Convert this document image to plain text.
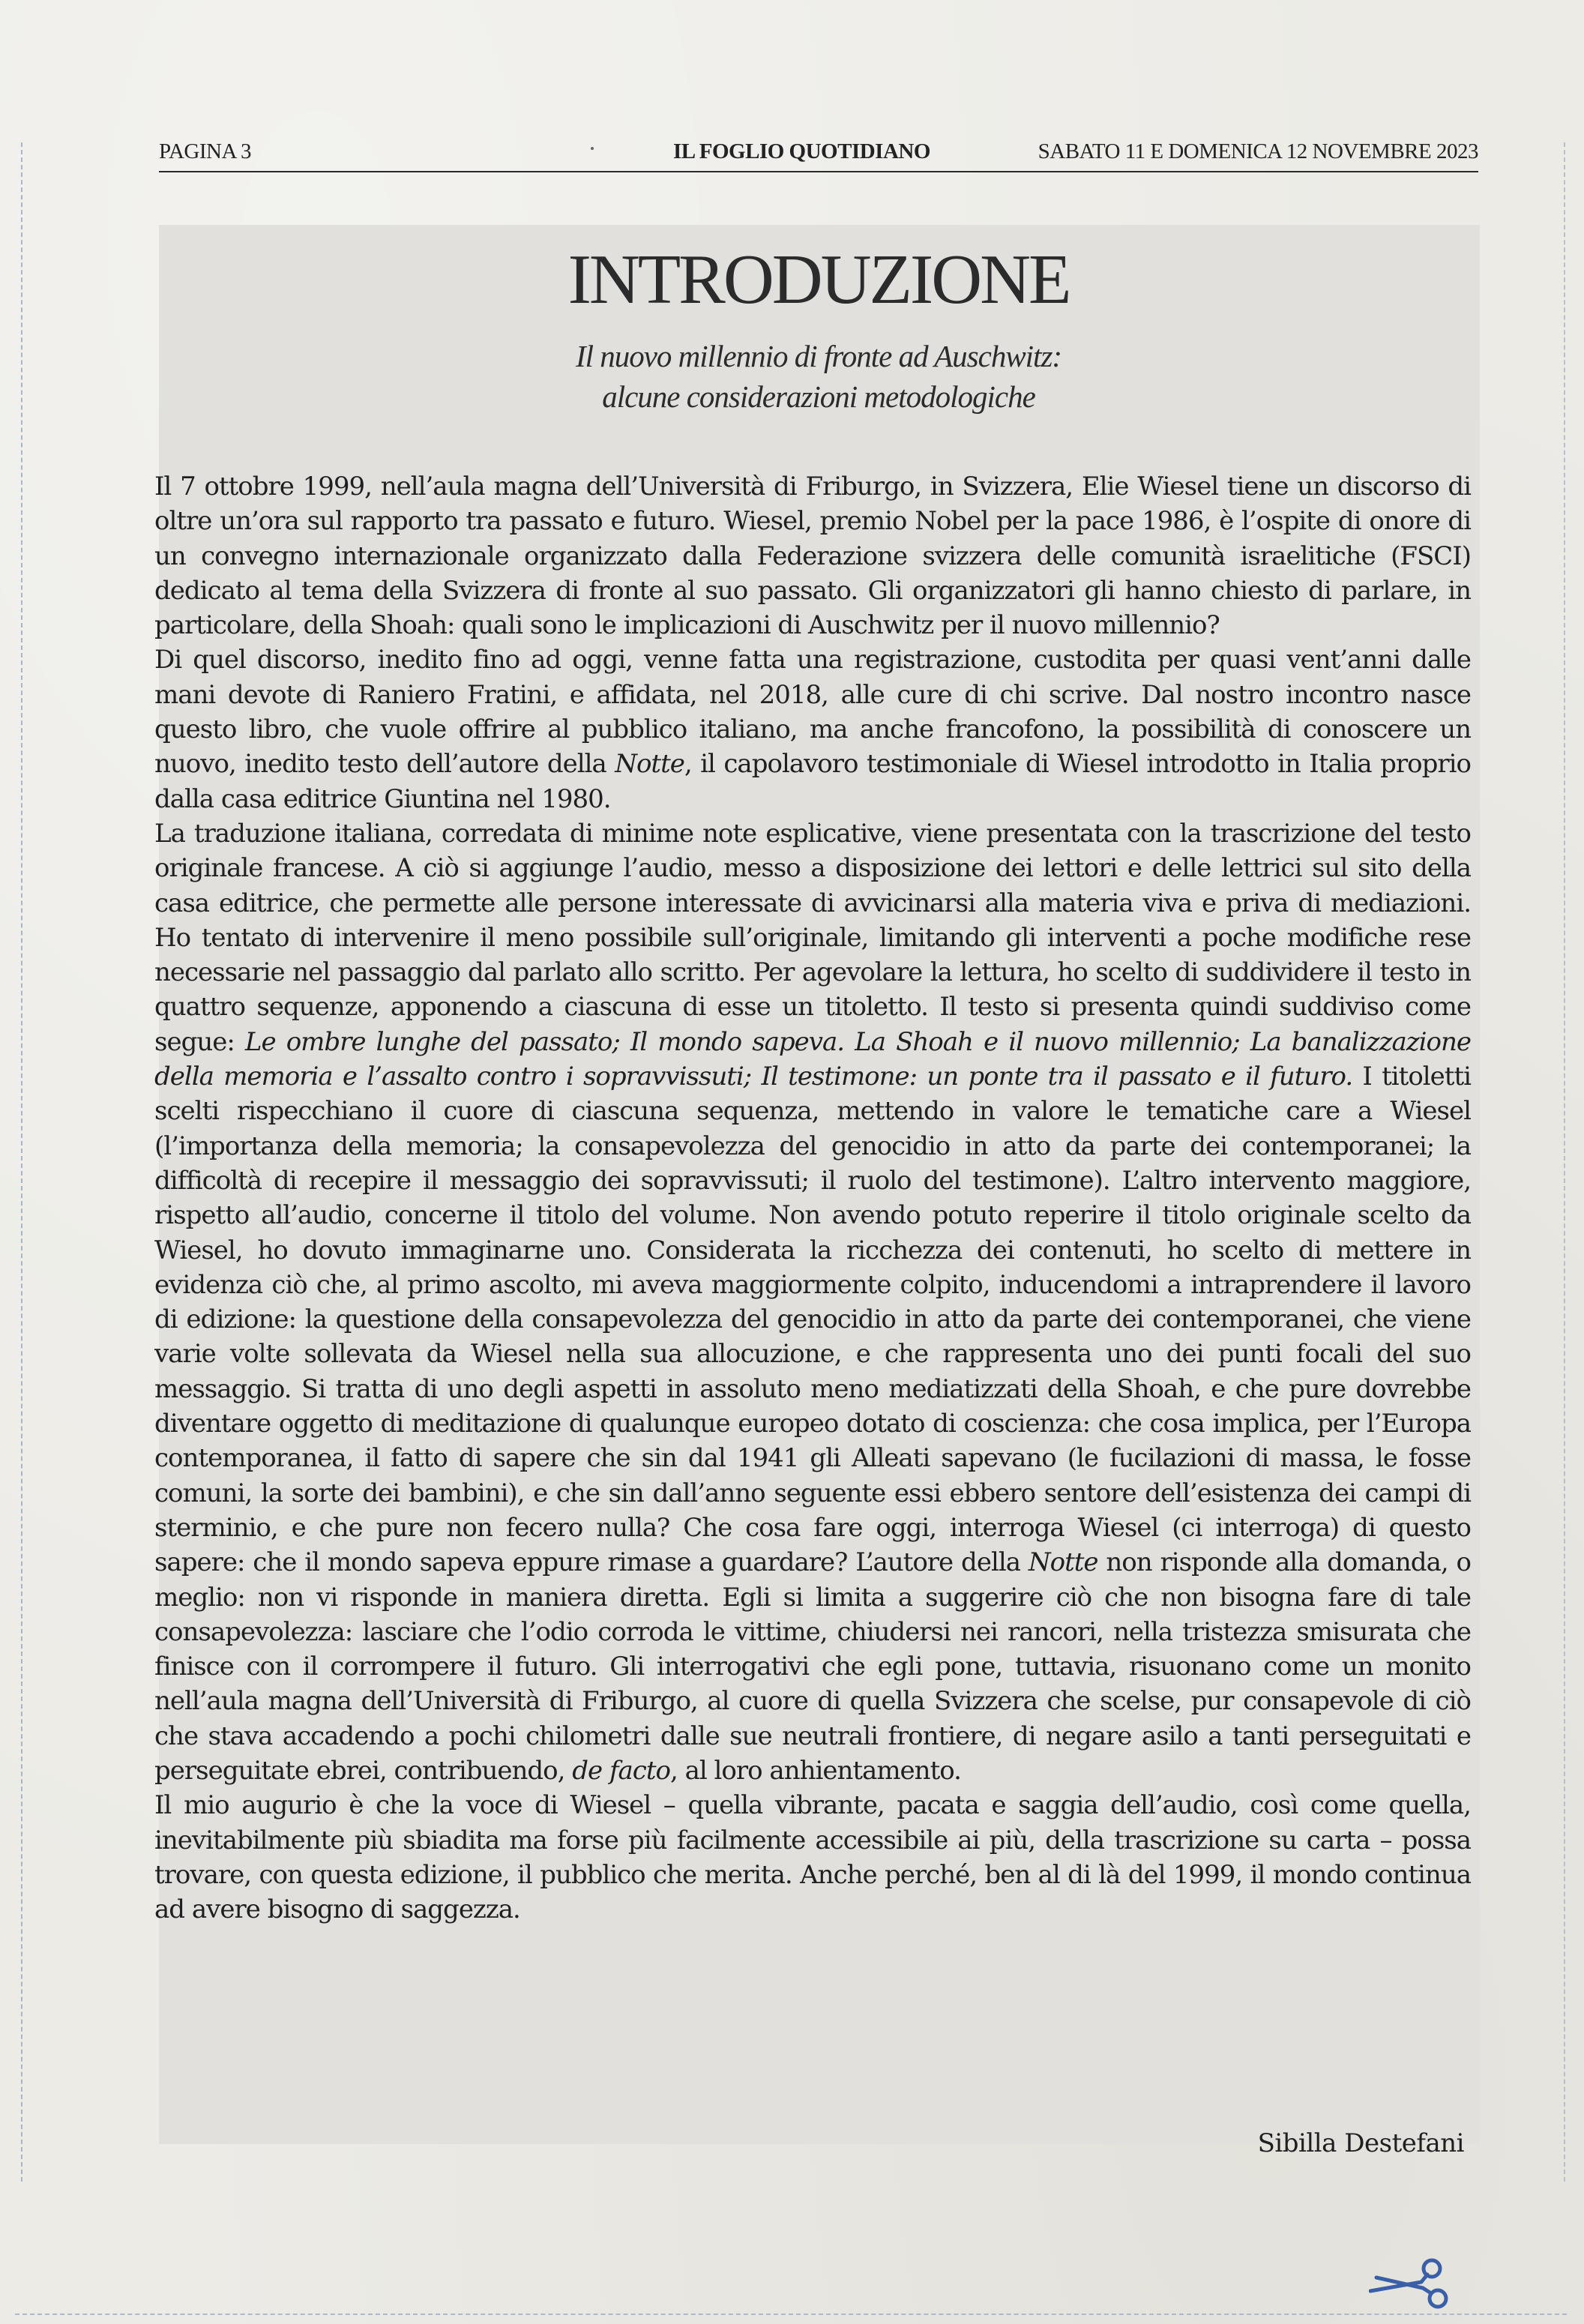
PAGINA 3	IL FOGLIO QUOTIDIANO	SABATO 11 E DOMENICA 12 NOVEMBRE 2023
INTRODUZIONE
Il nuovo millennio di fronte ad Auschwitz:
alcune considerazioni metodologiche

Il 7 ottobre 1999, nell’aula magna dell’Università di Friburgo, in Svizzera, Elie Wiesel tiene un discorso di oltre un’ora sul rapporto tra passato e futuro. Wiesel, premio Nobel per la pace 1986, è l’ospite di onore di un convegno internazionale organizzato dalla Federazione svizzera delle comunità israelitiche (FSCI) dedicato al tema della Svizzera di fronte al suo passato. Gli organizzatori gli hanno chiesto di parlare, in particolare, della Shoah: quali sono le implicazioni di Auschwitz per il nuovo millennio?

Di quel discorso, inedito fino ad oggi, venne fatta una registrazione, custodita per quasi vent’anni dalle mani devote di Raniero Fratini, e affidata, nel 2018, alle cure di chi scrive. Dal nostro incontro nasce questo libro, che vuole offrire al pubblico italiano, ma anche francofono, la possibilità di conoscere un nuovo, inedito testo dell’autore della Notte, il capolavoro testimoniale di Wiesel introdotto in Italia proprio dalla casa editrice Giuntina nel 1980.

La traduzione italiana, corredata di minime note esplicative, viene presentata con la trascrizione del testo originale francese. A ciò si aggiunge l’audio, messo a disposizione dei lettori e delle lettrici sul sito della casa editrice, che permette alle persone interessate di avvicinarsi alla materia viva e priva di mediazioni. Ho tentato di intervenire il meno possibile sull’originale, limitando gli interventi a poche modifiche rese necessarie nel passaggio dal parlato allo scritto. Per agevolare la lettura, ho scelto di suddividere il testo in quattro sequenze, apponendo a ciascuna di esse un titoletto. Il testo si presenta quindi suddiviso come segue: Le ombre lunghe del passato; Il mondo sapeva. La Shoah e il nuovo millennio; La banalizzazione della memoria e l’assalto contro i sopravvissuti; Il testimone: un ponte tra il passato e il futuro. I titoletti scelti rispecchiano il cuore di ciascuna sequenza, mettendo in valore le tematiche care a Wiesel (l’importanza della memoria; la consapevolezza del genocidio in atto da parte dei contemporanei; la difficoltà di recepire il messaggio dei sopravvissuti; il ruolo del testimone). L’altro intervento maggiore, rispetto all’audio, concerne il titolo del volume. Non avendo potuto reperire il titolo originale scelto da Wiesel, ho dovuto immaginarne uno. Considerata la ricchezza dei contenuti, ho scelto di mettere in evidenza ciò che, al primo ascolto, mi aveva maggiormente colpito, inducendomi a intraprendere il lavoro di edizione: la questione della consapevolezza del genocidio in atto da parte dei contemporanei, che viene varie volte sollevata da Wiesel nella sua allocuzione, e che rappresenta uno dei punti focali del suo messaggio. Si tratta di uno degli aspetti in assoluto meno mediatizzati della Shoah, e che pure dovrebbe diventare oggetto di meditazione di qualunque europeo dotato di coscienza: che cosa implica, per l’Europa contemporanea, il fatto di sapere che sin dal 1941 gli Alleati sapevano (le fucilazioni di massa, le fosse comuni, la sorte dei bambini), e che sin dall’anno seguente essi ebbero sentore dell’esistenza dei campi di sterminio, e che pure non fecero nulla? Che cosa fare oggi, interroga Wiesel (ci interroga) di questo sapere: che il mondo sapeva eppure rimase a guardare? L’autore della Notte non risponde alla domanda, o meglio: non vi risponde in maniera diretta. Egli si limita a suggerire ciò che non bisogna fare di tale consapevolezza: lasciare che l’odio corroda le vittime, chiudersi nei rancori, nella tristezza smisurata che finisce con il corrompere il futuro. Gli interrogativi che egli pone, tuttavia, risuonano come un monito nell’aula magna dell’Università di Friburgo, al cuore di quella Svizzera che scelse, pur consapevole di ciò che stava accadendo a pochi chilometri dalle sue neutrali frontiere, di negare asilo a tanti perseguitati e perseguitate ebrei, contribuendo, de facto, al loro anhientamento.

Il mio augurio è che la voce di Wiesel – quella vibrante, pacata e saggia dell’audio, così come quella, inevitabilmente più sbiadita ma forse più facilmente accessibile ai più, della trascrizione su carta – possa trovare, con questa edizione, il pubblico che merita. Anche perché, ben al di là del 1999, il mondo continua ad avere bisogno di saggezza.

Sibilla Destefani
